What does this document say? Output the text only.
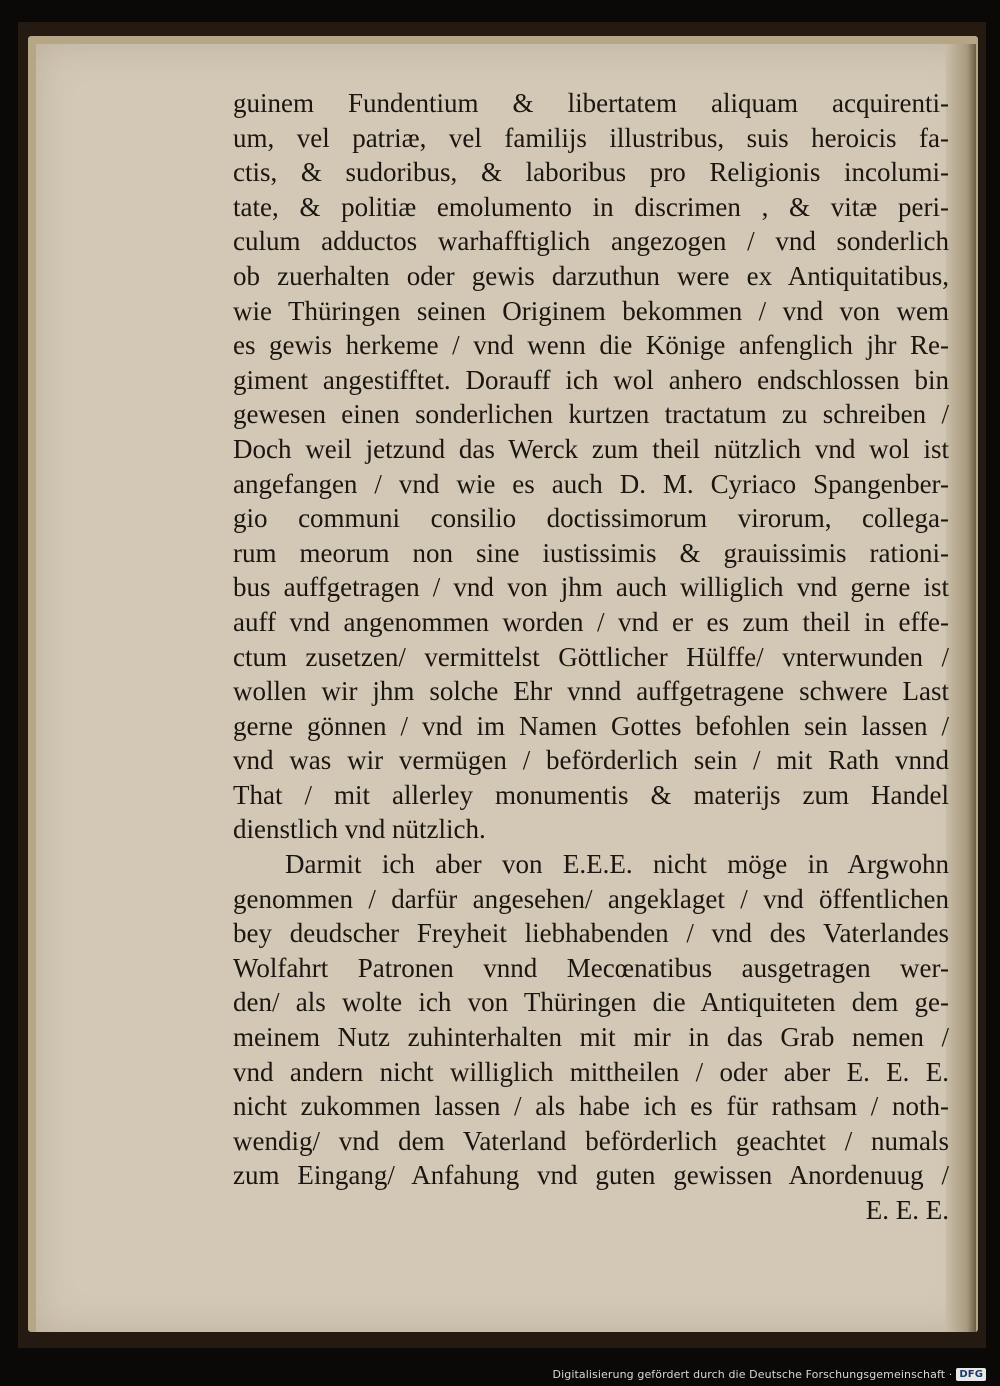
guinem Fundentium & libertatem aliquam acquirenti-
um, vel patriæ, vel familijs illustribus, suis heroicis fa-
ctis, & sudoribus, & laboribus pro Religionis incolumi-
tate, & politiæ emolumento in discrimen , & vitæ peri-
culum adductos warhafftiglich angezogen / vnd sonderlich
ob zuerhalten oder gewis darzuthun were ex Antiquitatibus,
wie Thüringen seinen Originem bekommen / vnd von wem
es gewis herkeme / vnd wenn die Könige anfenglich jhr Re-
giment angestifftet. Dorauff ich wol anhero endschlossen bin
gewesen einen sonderlichen kurtzen tractatum zu schreiben /
Doch weil jetzund das Werck zum theil nützlich vnd wol ist
angefangen / vnd wie es auch D. M. Cyriaco Spangenber-
gio communi consilio doctissimorum virorum, collega-
rum meorum non sine iustissimis & grauissimis rationi-
bus auffgetragen / vnd von jhm auch williglich vnd gerne ist
auff vnd angenommen worden / vnd er es zum theil in effe-
ctum zusetzen/ vermittelst Göttlicher Hülffe/ vnterwunden /
wollen wir jhm solche Ehr vnnd auffgetragene schwere Last
gerne gönnen / vnd im Namen Gottes befohlen sein lassen /
vnd was wir vermügen / beförderlich sein / mit Rath vnnd
That / mit allerley monumentis & materijs zum Handel
dienstlich vnd nützlich.
Darmit ich aber von E.E.E. nicht möge in Argwohn
genommen / darfür angesehen/ angeklaget / vnd öffentlichen
bey deudscher Freyheit liebhabenden / vnd des Vaterlandes
Wolfahrt Patronen vnnd Mecœnatibus ausgetragen wer-
den/ als wolte ich von Thüringen die Antiquiteten dem ge-
meinem Nutz zuhinterhalten mit mir in das Grab nemen /
vnd andern nicht williglich mittheilen / oder aber E. E. E.
nicht zukommen lassen / als habe ich es für rathsam / noth-
wendig/ vnd dem Vaterland beförderlich geachtet / numals
zum Eingang/ Anfahung vnd guten gewissen Anordenuug /
E. E. E.
Digitalisierung gefördert durch die Deutsche Forschungsgemeinschaft · DFG
